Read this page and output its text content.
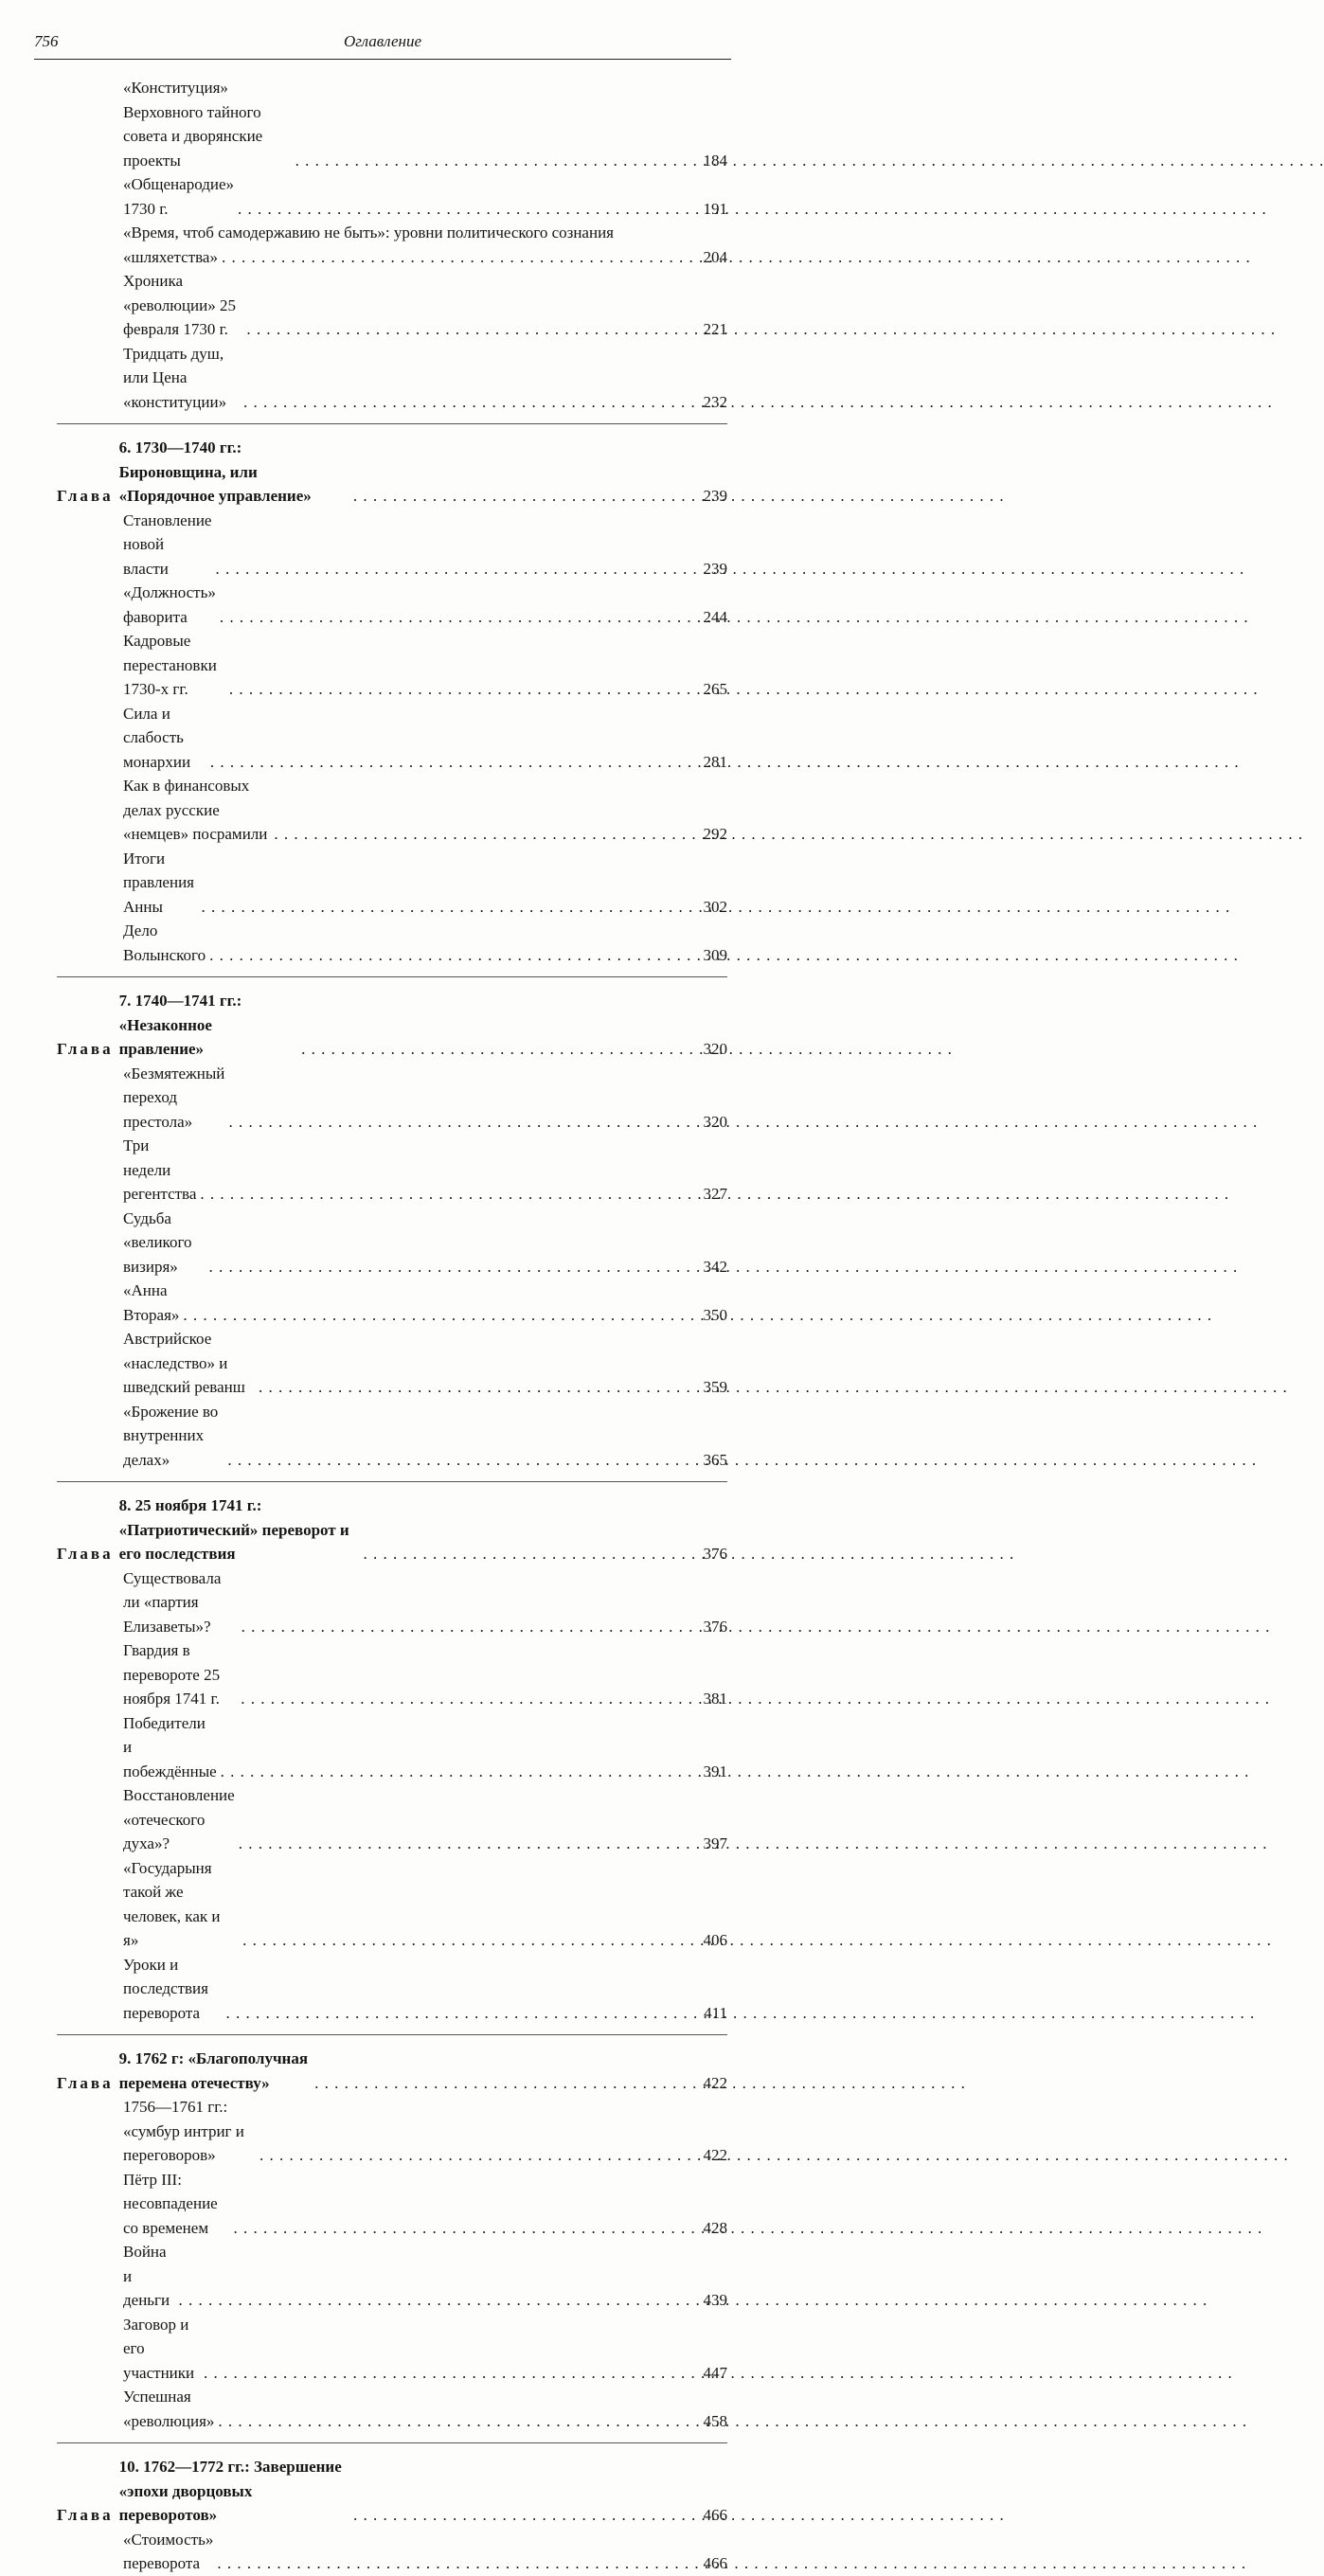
756	Оглавление
«Конституция» Верховного тайного совета и дворянские проекты . . .	184
«Общенародие» 1730 г. . . .	191
«Время, чтоб самодержавию не быть»: уровни политического сознания
«шляхетства» . . .	204
Хроника «революции» 25 февраля 1730 г. . . .	221
Тридцать душ, или Цена «конституции» . . .	232
Глава
6. 1730—1740 гг.: Бироновщина, или «Порядочное управление» . . .	239
Становление новой власти . . .	239
«Должность» фаворита . . .	244
Кадровые перестановки 1730-х гг. . . .	265
Сила и слабость монархии . . .	281
Как в финансовых делах русские «немцев» посрамили . . .	292
Итоги правления Анны . . .	302
Дело Волынского . . .	309
Глава
7. 1740—1741 гг.: «Незаконное правление» . . .	320
«Безмятежный переход престола» . . .	320
Три недели регентства . . .	327
Судьба «великого визиря» . . .	342
«Анна Вторая» . . .	350
Австрийское «наследство» и шведский реванш . . .	359
«Брожение во внутренних делах» . . .	365
Глава
8. 25 ноября 1741 г.: «Патриотический» переворот и его последствия . . .	376
Существовала ли «партия Елизаветы»? . . .	376
Гвардия в перевороте 25 ноября 1741 г. . . .	381
Победители и побеждённые . . .	391
Восстановление «отеческого духа»? . . .	397
«Государыня такой же человек, как и я» . . .	406
Уроки и последствия переворота . . .	411
Глава
9. 1762 г: «Благополучная перемена отечеству» . . .	422
1756—1761 гг.: «сумбур интриг и переговоров» . . .	422
Пётр III: несовпадение со временем . . .	428
Война и деньги . . .	439
Заговор и его участники . . .	447
Успешная «революция» . . .	458
Глава
10. 1762—1772 гг.: Завершение «эпохи дворцовых переворотов» . . .	466
«Стоимость» переворота . . .	466
